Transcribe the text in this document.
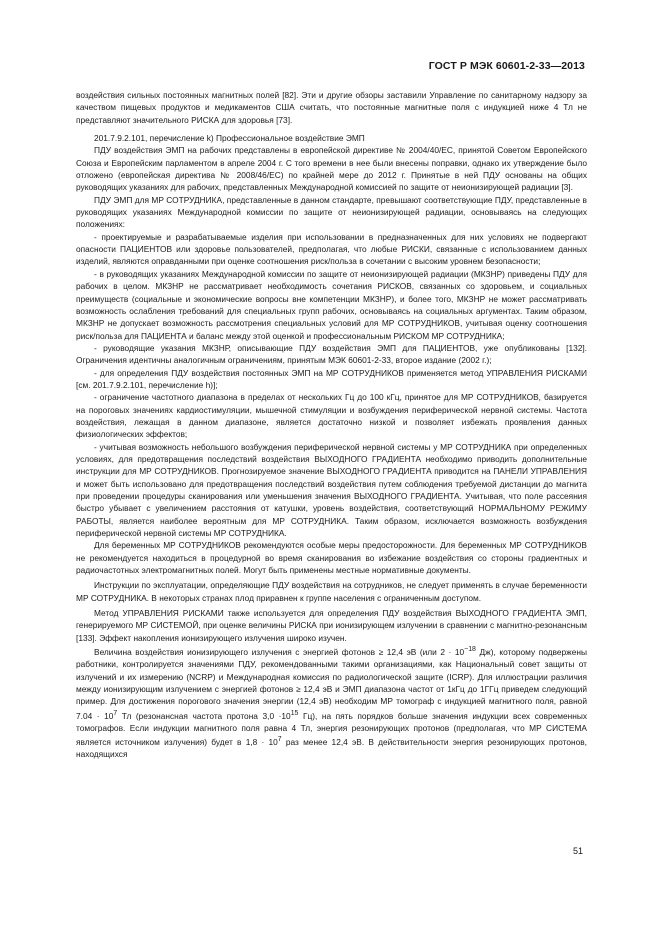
ГОСТ Р МЭК 60601-2-33—2013

воздействия сильных постоянных магнитных полей [82]. Эти и другие обзоры заставили Управление по санитарному надзору за качеством пищевых продуктов и медикаментов США считать, что постоянные магнитные поля с индукцией ниже 4 Тл не представляют значительного РИСКА для здоровья [73].

201.7.9.2.101, перечисление k) Профессиональное воздействие ЭМП

ПДУ воздействия ЭМП на рабочих представлены в европейской директиве № 2004/40/ЕС, принятой Советом Европейского Союза и Европейским парламентом в апреле 2004 г. С того времени в нее были внесены поправки, однако их утверждение было отложено (европейская директива № 2008/46/ЕС) по крайней мере до 2012 г. Принятые в ней ПДУ основаны на общих руководящих указаниях для рабочих, представленных Международной комиссией по защите от неионизирующей радиации [3].

ПДУ ЭМП для МР СОТРУДНИКА, представленные в данном стандарте, превышают соответствующие ПДУ, представленные в руководящих указаниях Международной комиссии по защите от неионизирующей радиации, основываясь на следующих положениях:

- проектируемые и разрабатываемые изделия при использовании в предназначенных для них условиях не подвергают опасности ПАЦИЕНТОВ или здоровье пользователей, предполагая, что любые РИСКИ, связанные с использованием данных изделий, являются оправданными при оценке соотношения риск/польза в сочетании с высоким уровнем безопасности;

- в руководящих указаниях Международной комиссии по защите от неионизирующей радиации (МКЗНР) приведены ПДУ для рабочих в целом. МКЗНР не рассматривает необходимость сочетания РИСКОВ, связанных со здоровьем, и социальных преимуществ (социальные и экономические вопросы вне компетенции МКЗНР), и более того, МКЗНР не может рассматривать возможность ослабления требований для специальных групп рабочих, основываясь на социальных аргументах. Таким образом, МКЗНР не допускает возможность рассмотрения специальных условий для МР СОТРУДНИКОВ, учитывая оценку соотношения риск/польза для ПАЦИЕНТА и баланс между этой оценкой и профессиональным РИСКОМ МР СОТРУДНИКА;

- руководящие указания МКЗНР, описывающие ПДУ воздействия ЭМП для ПАЦИЕНТОВ, уже опубликованы [132]. Ограничения идентичны аналогичным ограничениям, принятым МЭК 60601-2-33, второе издание (2002 г.);

- для определения ПДУ воздействия постоянных ЭМП на МР СОТРУДНИКОВ применяется метод УПРАВЛЕНИЯ РИСКАМИ [см. 201.7.9.2.101, перечисление h)];

- ограничение частотного диапазона в пределах от нескольких Гц до 100 кГц, принятое для МР СОТРУДНИКОВ, базируется на пороговых значениях кардиостимуляции, мышечной стимуляции и возбуждения периферической нервной системы. Частота воздействия, лежащая в данном диапазоне, является достаточно низкой и позволяет избежать проявления данных физиологических эффектов;

- учитывая возможность небольшого возбуждения периферической нервной системы у МР СОТРУДНИКА при определенных условиях, для предотвращения последствий воздействия ВЫХОДНОГО ГРАДИЕНТА необходимо приводить дополнительные инструкции для МР СОТРУДНИКОВ. Прогнозируемое значение ВЫХОДНОГО ГРАДИЕНТА приводится на ПАНЕЛИ УПРАВЛЕНИЯ и может быть использовано для предотвращения последствий воздействия путем соблюдения требуемой дистанции до магнита при проведении процедуры сканирования или уменьшения значения ВЫХОДНОГО ГРАДИЕНТА. Учитывая, что поле рассеяния быстро убывает с увеличением расстояния от катушки, уровень воздействия, соответствующий НОРМАЛЬНОМУ РЕЖИМУ РАБОТЫ, является наиболее вероятным для МР СОТРУДНИКА. Таким образом, исключается возможность возбуждения периферической нервной системы МР СОТРУДНИКА.

Для беременных МР СОТРУДНИКОВ рекомендуются особые меры предосторожности. Для беременных МР СОТРУДНИКОВ не рекомендуется находиться в процедурной во время сканирования во избежание воздействия со стороны градиентных и радиочастотных электромагнитных полей. Могут быть применены местные нормативные документы.

Инструкции по эксплуатации, определяющие ПДУ воздействия на сотрудников, не следует применять в случае беременности МР СОТРУДНИКА. В некоторых странах плод приравнен к группе населения с ограниченным доступом.

Метод УПРАВЛЕНИЯ РИСКАМИ также используется для определения ПДУ воздействия ВЫХОДНОГО ГРАДИЕНТА ЭМП, генерируемого МР СИСТЕМОЙ, при оценке величины РИСКА при ионизирующем излучении в сравнении с магнитно-резонансным [133]. Эффект накопления ионизирующего излучения широко изучен.

Величина воздействия ионизирующего излучения с энергией фотонов ≥ 12,4 эВ (или $2 \cdot 10^{-18}$ Дж), которому подвержены работники, контролируется значениями ПДУ, рекомендованными такими организациями, как Национальный совет защиты от излучений и их измерению (NCRP) и Международная комиссия по радиологической защите (ICRP). Для иллюстрации различия между ионизирующим излучением с энергией фотонов ≥ 12,4 эВ и ЭМП диапазона частот от 1кГц до 1ГГц приведем следующий пример. Для достижения порогового значения энергии (12,4 эВ) необходим МР томограф с индукцией магнитного поля, равной $7.04 \cdot 10^7$ Тл (резонансная частота протона $3,0 \cdot 10^{15}$ Гц), на пять порядков больше значения индукции всех современных томографов. Если индукции магнитного поля равна 4 Тл, энергия резонирующих протонов (предполагая, что МР СИСТЕМА является источником излучения) будет в $1,8 \cdot 10^7$ раз менее 12,4 эВ. В действительности энергия резонирующих протонов, находящихся

51
